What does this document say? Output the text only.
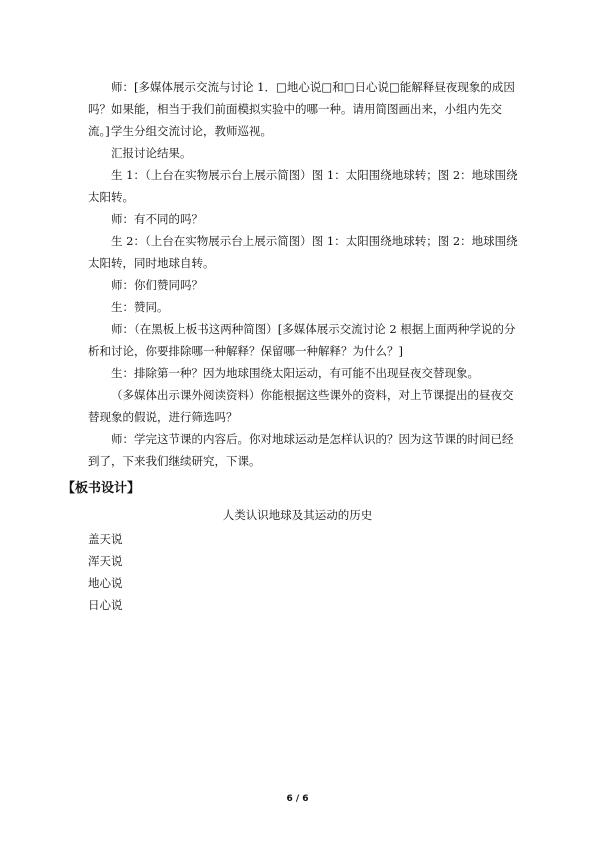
师：[多媒体展示交流与讨论 1．□地心说□和□日心说□能解释昼夜现象的成因吗？如果能，相当于我们前面模拟实验中的哪一种。请用简图画出来，小组内先交流。] 学生分组交流讨论，教师巡视。

汇报讨论结果。

生 1：（上台在实物展示台上展示简图）图 1：太阳围绕地球转；图 2：地球围绕太阳转。

师：有不同的吗？

生 2：（上台在实物展示台上展示简图）图 1：太阳围绕地球转；图 2：地球围绕太阳转，同时地球自转。

师：你们赞同吗？

生：赞同。

师：（在黑板上板书这两种简图）[多媒体展示交流讨论 2 根据上面两种学说的分析和讨论，你要排除哪一种解释？保留哪一种解释？为什么？]

生：排除第一种？因为地球围绕太阳运动，有可能不出现昼夜交替现象。

（多媒体出示课外阅读资料）你能根据这些课外的资料，对上节课提出的昼夜交替现象的假说，进行筛选吗？

师：学完这节课的内容后。你对地球运动是怎样认识的？因为这节课的时间已经到了，下来我们继续研究，下课。

【板书设计】

人类认识地球及其运动的历史

盖天说

浑天说

地心说

日心说

6 / 6
